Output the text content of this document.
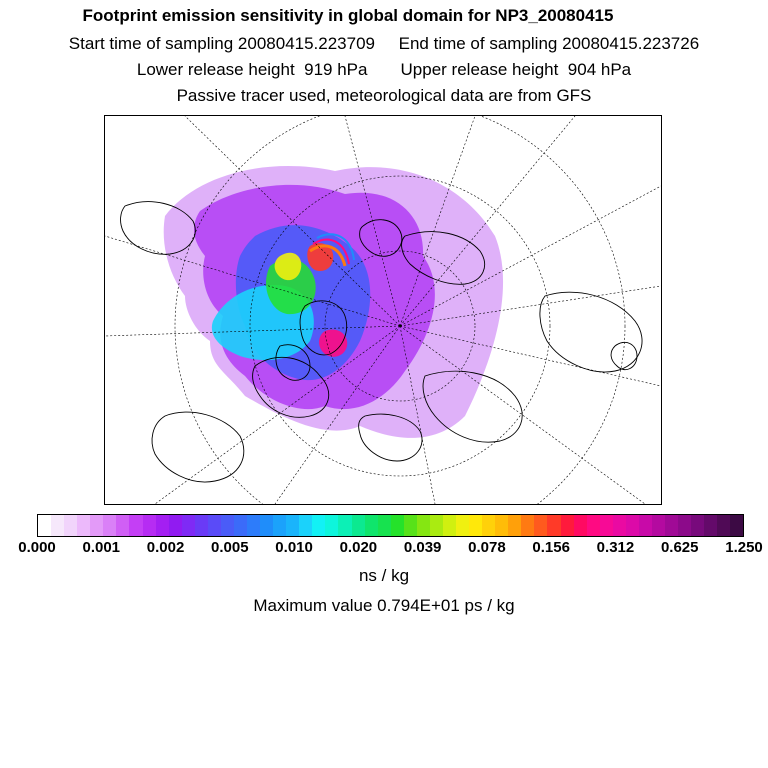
Footprint emission sensitivity in global domain for NP3_20080415
Start time of sampling 20080415.223709     End time of sampling 20080415.223726
Lower release height  919 hPa       Upper release height  904 hPa
Passive tracer used, meteorological data are from GFS
0.000 0.001 0.002 0.005 0.010 0.020 0.039 0.078 0.156 0.312 0.625 1.250
ns / kg
Maximum value 0.794E+01 ps / kg
